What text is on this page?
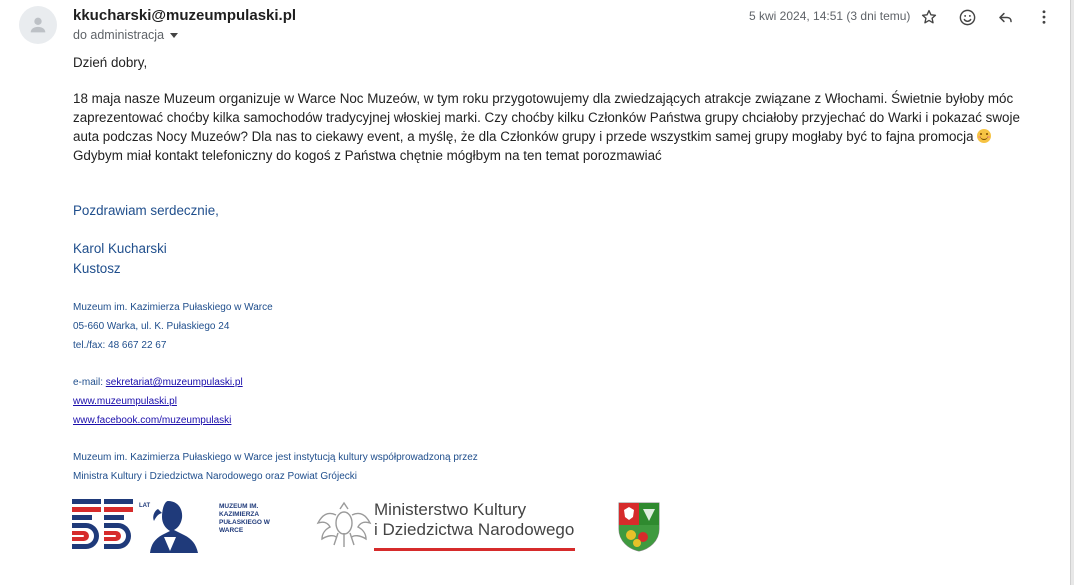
kkucharski@muzeumpulaski.pl
do administracja
5 kwi 2024, 14:51 (3 dni temu)
Dzień dobry,
18 maja nasze Muzeum organizuje w Warce Noc Muzeów, w tym roku przygotowujemy dla zwiedzających atrakcje związane z Włochami. Świetnie byłoby móc zaprezentować choćby kilka samochodów tradycyjnej włoskiej marki. Czy choćby kilku Członków Państwa grupy chciałoby przyjechać do Warki i pokazać swoje auta podczas Nocy Muzeów? Dla nas to ciekawy event, a myślę, że dla Członków grupy i przede wszystkim samej grupy mogłaby być to fajna promocja
Gdybym miał kontakt telefoniczny do kogoś z Państwa chętnie mógłbym na ten temat porozmawiać
Pozdrawiam serdecznie,
Karol Kucharski
Kustosz
Muzeum im. Kazimierza Pułaskiego w Warce
05-660 Warka, ul. K. Pułaskiego 24
tel./fax: 48 667 22 67
e-mail: sekretariat@muzeumpulaski.pl
www.muzeumpulaski.pl
www.facebook.com/muzeumpulaski
Muzeum im. Kazimierza Pułaskiego w Warce jest instytucją kultury współprowadzoną przez
Ministra Kultury i Dziedzictwa Narodowego oraz Powiat Grójecki
LAT	MUZEUM IM. KAZIMIERZA PUŁASKIEGO W WARCE
Ministerstwo Kultury
i Dziedzictwa Narodowego
